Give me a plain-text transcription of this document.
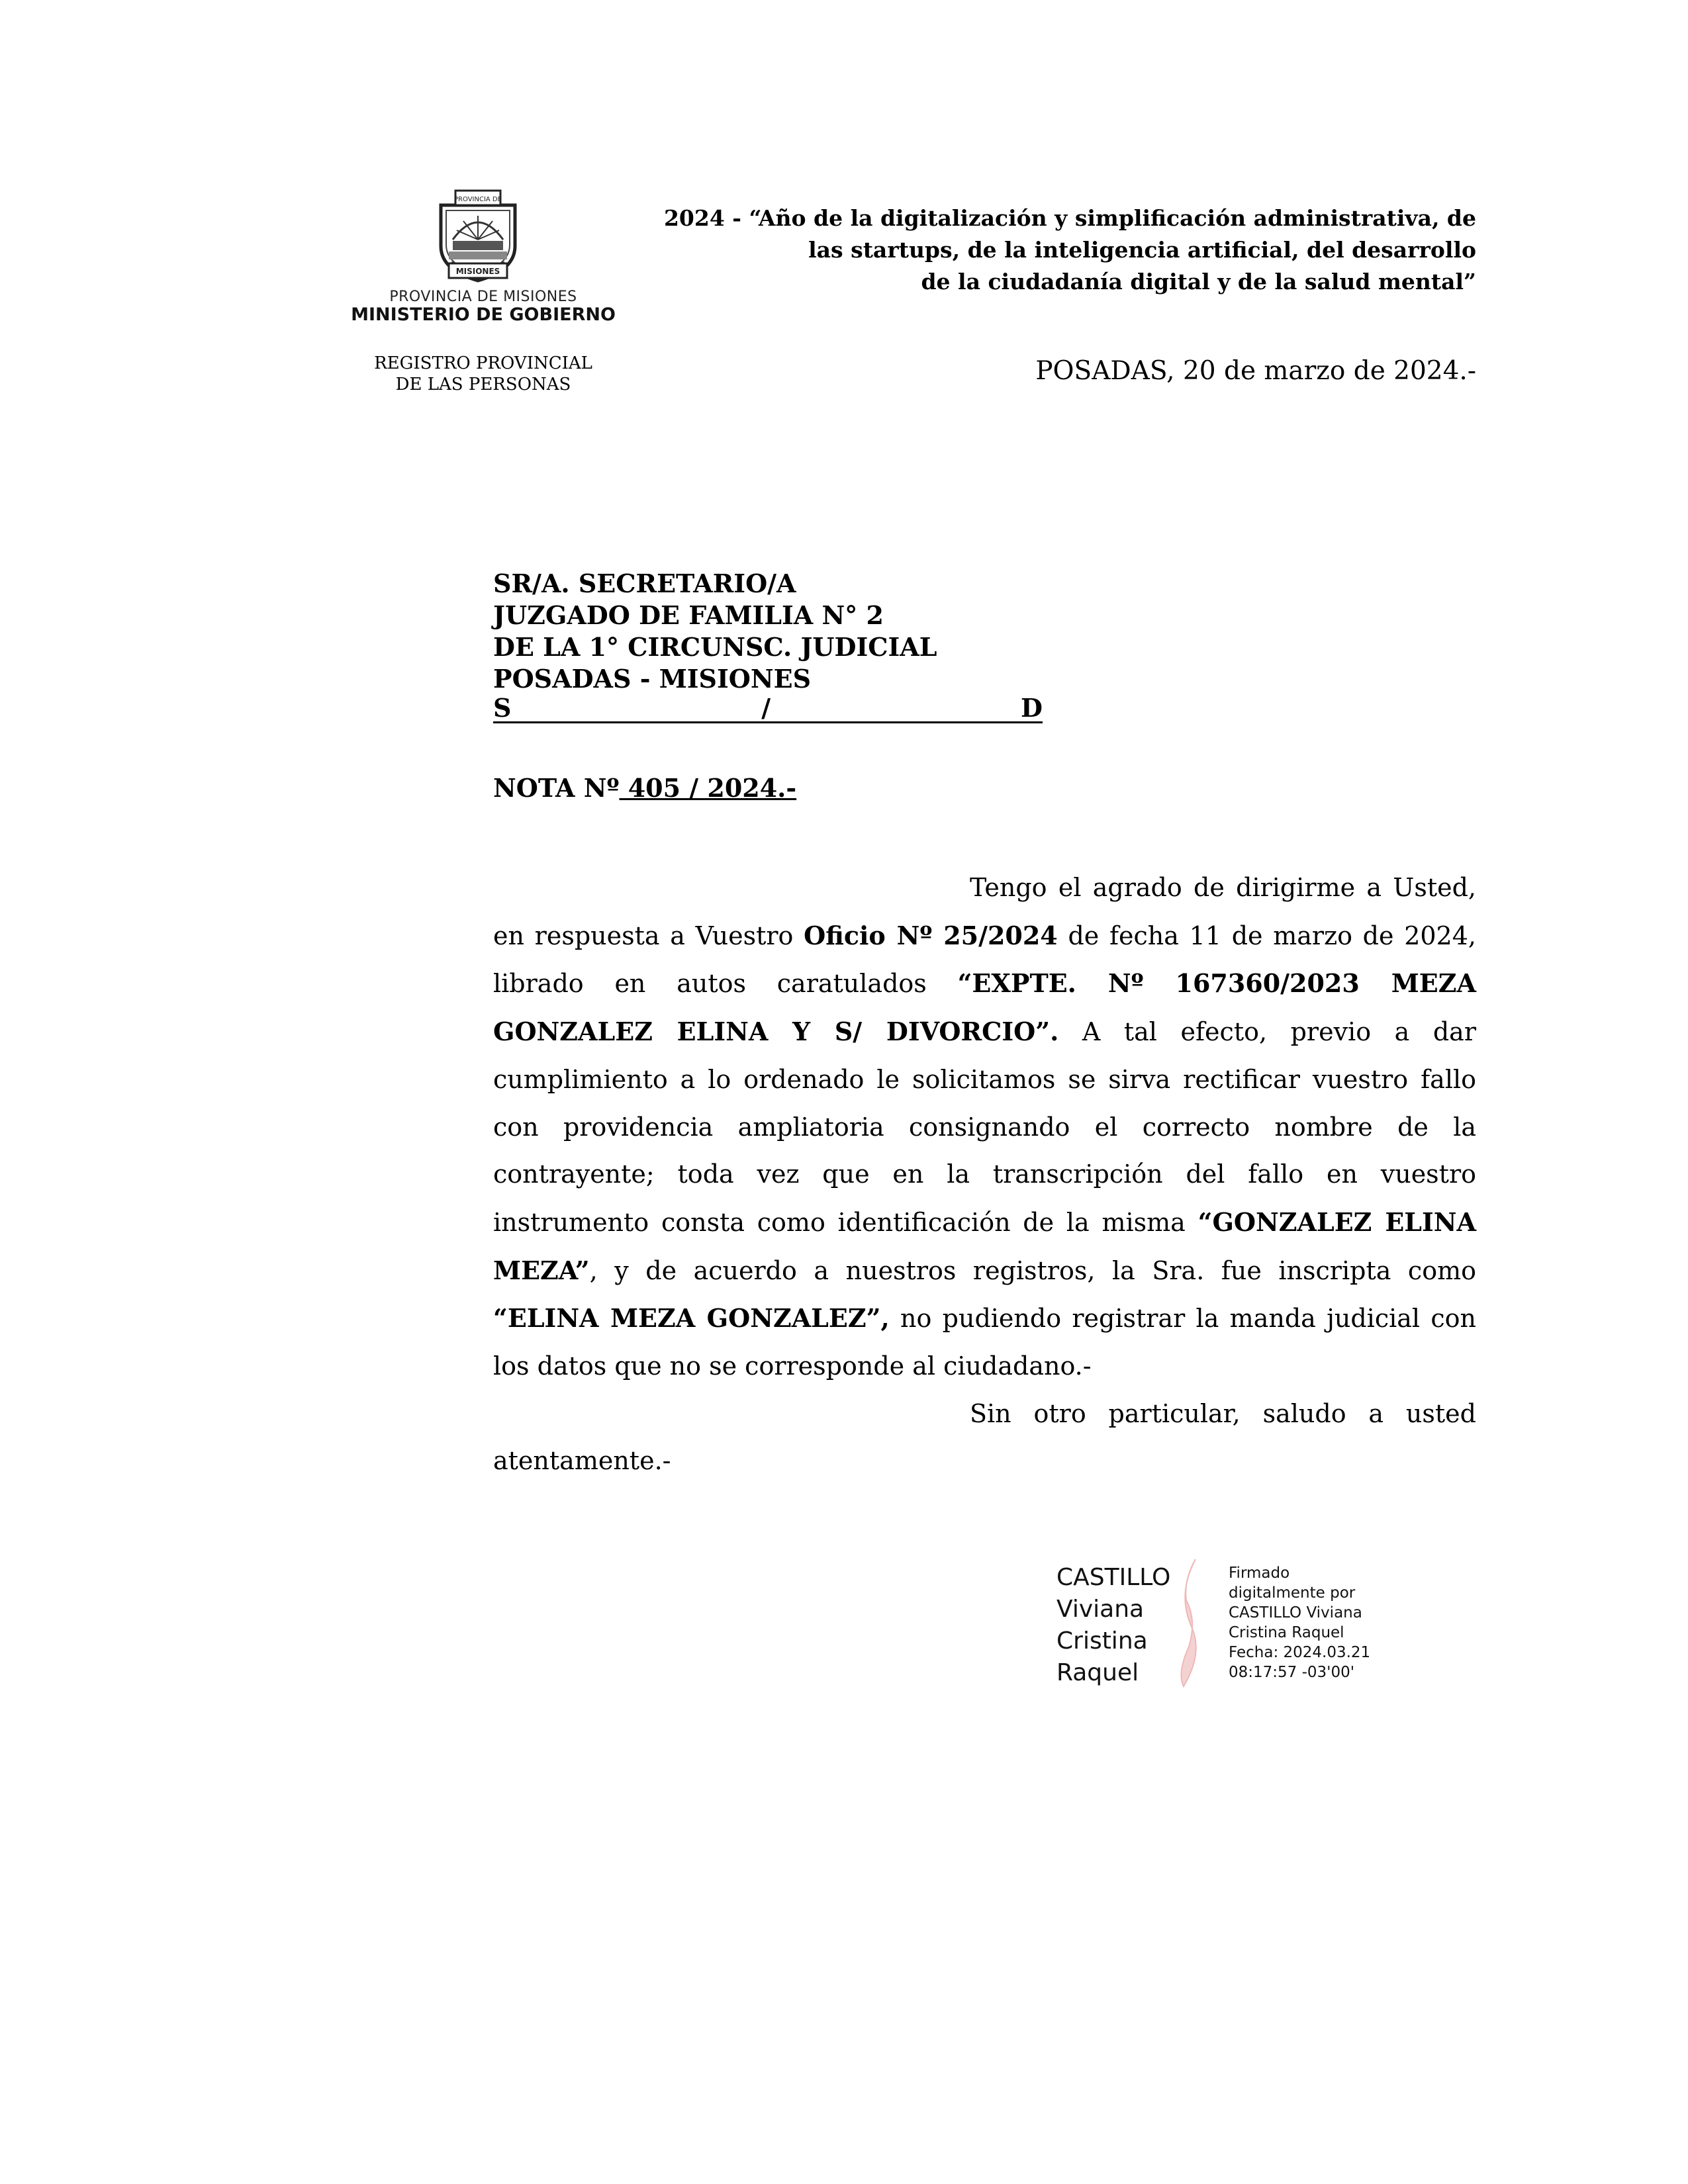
PROVINCIA DE
MISIONES
PROVINCIA DE MISIONES
MINISTERIO DE GOBIERNO
REGISTRO PROVINCIAL
DE LAS PERSONAS
2024 - “Año de la digitalización y simplificación administrativa, de
las startups, de la inteligencia artificial, del desarrollo
de la ciudadanía digital y de la salud mental”
POSADAS, 20 de marzo de 2024.-
SR/A. SECRETARIO/A
JUZGADO DE FAMILIA N° 2
DE LA 1° CIRCUNSC. JUDICIAL
POSADAS - MISIONES
S	/	D
NOTA Nº 405 / 2024.-

Tengo el agrado de dirigirme a Usted, en respuesta a Vuestro Oficio Nº 25/2024 de fecha 11 de marzo de 2024, librado en autos caratulados “EXPTE. Nº 167360/2023 MEZA GONZALEZ ELINA Y S/ DIVORCIO”. A tal efecto, previo a dar cumplimiento a lo ordenado le solicitamos se sirva rectificar vuestro fallo con providencia ampliatoria consignando el correcto nombre de la contrayente; toda vez que en la transcripción del fallo en vuestro instrumento consta como identificación de la misma “GONZALEZ ELINA MEZA”, y de acuerdo a nuestros registros, la Sra. fue inscripta como “ELINA MEZA GONZALEZ”, no pudiendo registrar la manda judicial con los datos que no se corresponde al ciudadano.-

Sin otro particular, saludo a usted atentamente.-

CASTILLO
Viviana
Cristina
Raquel
Firmado
digitalmente por
CASTILLO Viviana
Cristina Raquel
Fecha: 2024.03.21
08:17:57 -03'00'
